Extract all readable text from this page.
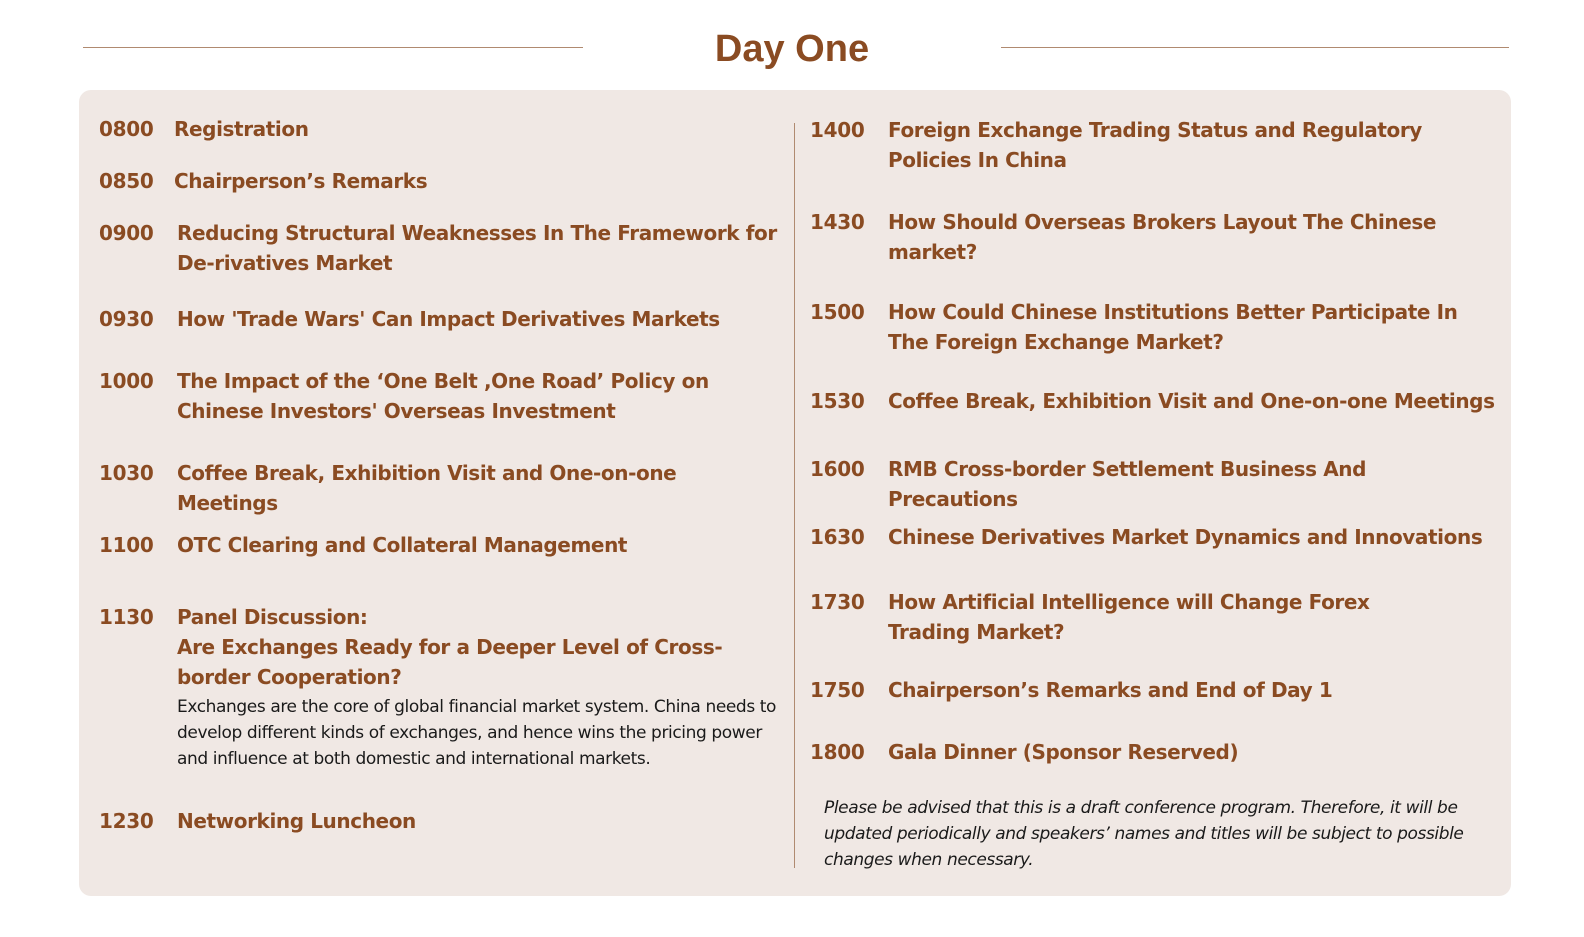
Day One
0800 Registration
0850 Chairperson’s Remarks
0900 Reducing Structural Weaknesses In The Framework for De-rivatives Market
0930 How 'Trade Wars' Can Impact Derivatives Markets
1000 The Impact of the ‘One Belt ,One Road’ Policy on Chinese Investors' Overseas Investment
1030 Coffee Break, Exhibition Visit and One-on-one Meetings
1100 OTC Clearing and Collateral Management
1130 Panel Discussion:
Are Exchanges Ready for a Deeper Level of Cross-border Cooperation?
Exchanges are the core of global financial market system. China needs to develop different kinds of exchanges, and hence wins the pricing power and influence at both domestic and international markets.
1230 Networking Luncheon
1400 Foreign Exchange Trading Status and Regulatory Policies In China
1430 How Should Overseas Brokers Layout The Chinese market?
1500 How Could Chinese Institutions Better Participate In The Foreign Exchange Market?
1530 Coffee Break, Exhibition Visit and One-on-one Meetings
1600 RMB Cross-border Settlement Business And Precautions
1630 Chinese Derivatives Market Dynamics and Innovations
1730 How Artificial Intelligence will Change Forex Trading Market?
1750 Chairperson’s Remarks and End of Day 1
1800 Gala Dinner (Sponsor Reserved)
Please be advised that this is a draft conference program. Therefore, it will be updated periodically and speakers’ names and titles will be subject to possible changes when necessary.
